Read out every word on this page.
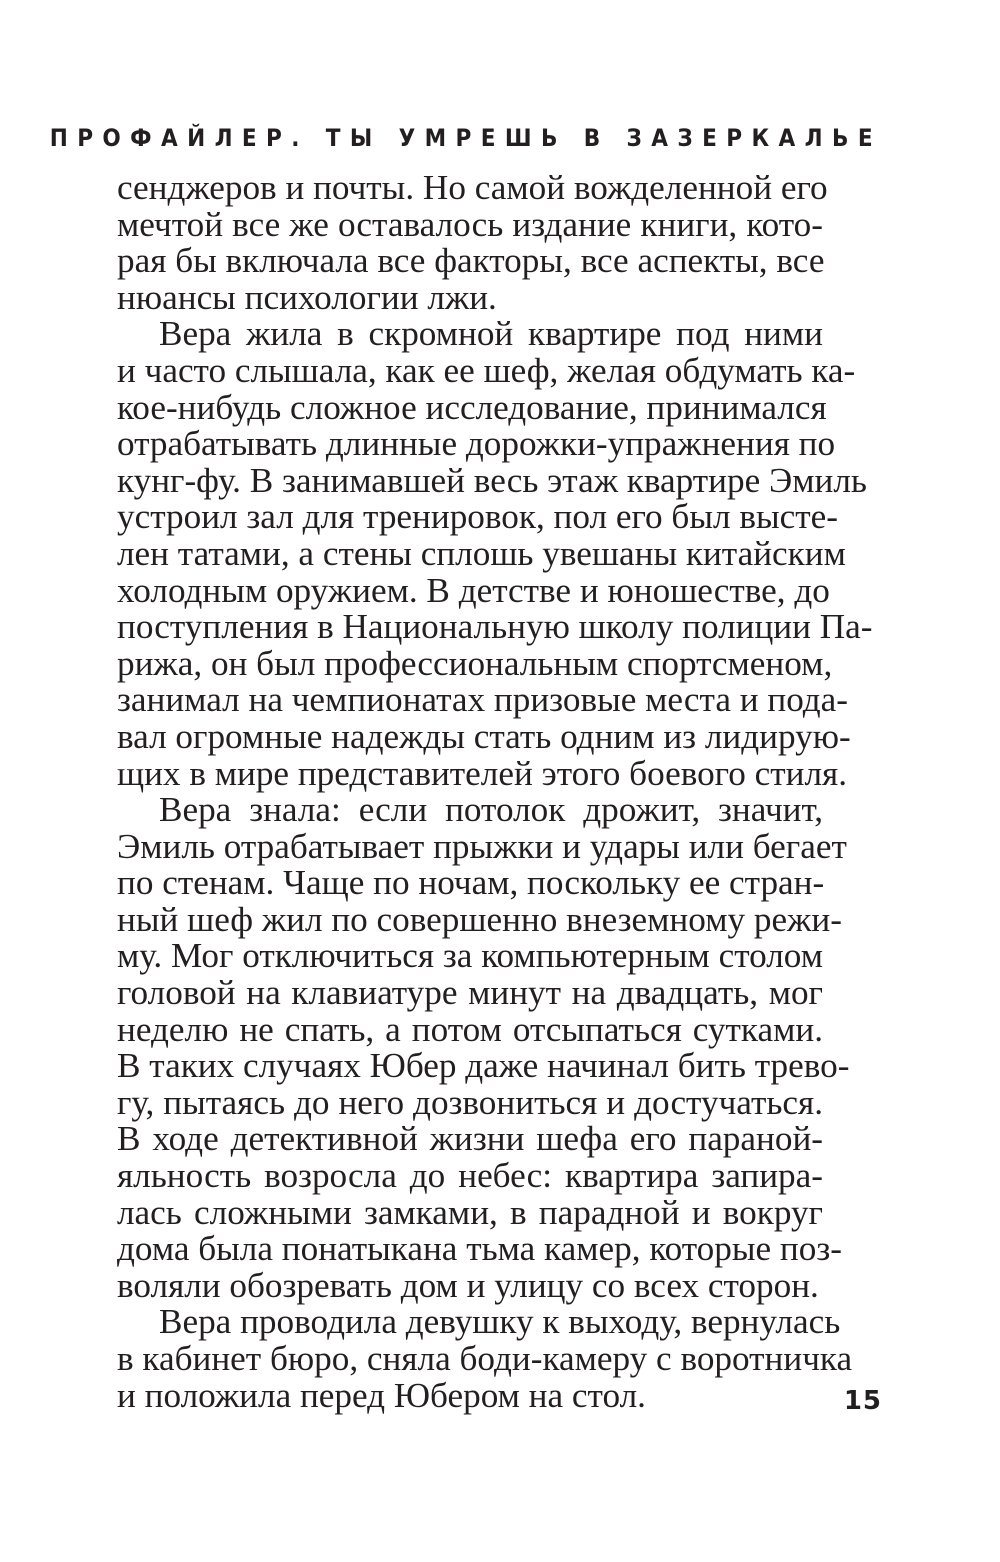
ПРОФАЙЛЕР. ТЫ УМРЕШЬ В ЗАЗЕРКАЛЬЕ
сенджеров и почты. Но самой вожделенной его
мечтой все же оставалось издание книги, кото-
рая бы включала все факторы, все аспекты, все
нюансы психологии лжи.
Вера жила в скромной квартире под ними
и часто слышала, как ее шеф, желая обдумать ка-
кое-нибудь сложное исследование, принимался
отрабатывать длинные дорожки-упражнения по
кунг-фу. В занимавшей весь этаж квартире Эмиль
устроил зал для тренировок, пол его был высте-
лен татами, а стены сплошь увешаны китайским
холодным оружием. В детстве и юношестве, до
поступления в Национальную школу полиции Па-
рижа, он был профессиональным спортсменом,
занимал на чемпионатах призовые места и пода-
вал огромные надежды стать одним из лидирую-
щих в мире представителей этого боевого стиля.
Вера знала: если потолок дрожит, значит,
Эмиль отрабатывает прыжки и удары или бегает
по стенам. Чаще по ночам, поскольку ее стран-
ный шеф жил по совершенно внеземному режи-
му. Мог отключиться за компьютерным столом
головой на клавиатуре минут на двадцать, мог
неделю не спать, а потом отсыпаться сутками.
В таких случаях Юбер даже начинал бить трево-
гу, пытаясь до него дозвониться и достучаться.
В ходе детективной жизни шефа его параной-
яльность возросла до небес: квартира запира-
лась сложными замками, в парадной и вокруг
дома была понатыкана тьма камер, которые поз-
воляли обозревать дом и улицу со всех сторон.
Вера проводила девушку к выходу, вернулась
в кабинет бюро, сняла боди-камеру с воротничка
и положила перед Юбером на стол.	15
